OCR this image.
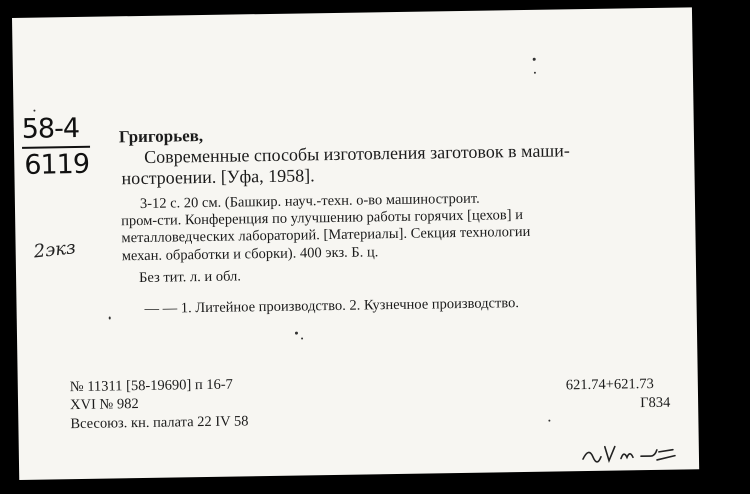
58-4
6119
2экз
Григорьев,
Современные способы изготовления заготовок в маши-
ностроении. [Уфа, 1958].
3-12 с. 20 см. (Башкир. науч.-техн. о-во машиностроит.
пром-сти. Конференция по улучшению работы горячих [цехов] и
металловедческих лабораторий. [Материалы]. Секция технологии
механ. обработки и сборки). 400 экз. Б. ц.
Без тит. л. и обл.
— — 1. Литейное производство. 2. Кузнечное производство.
№ 11311 [58-19690] п 16-7
XVI № 982
Всесоюз. кн. палата 22 IV 58
621.74+621.73
Г834
